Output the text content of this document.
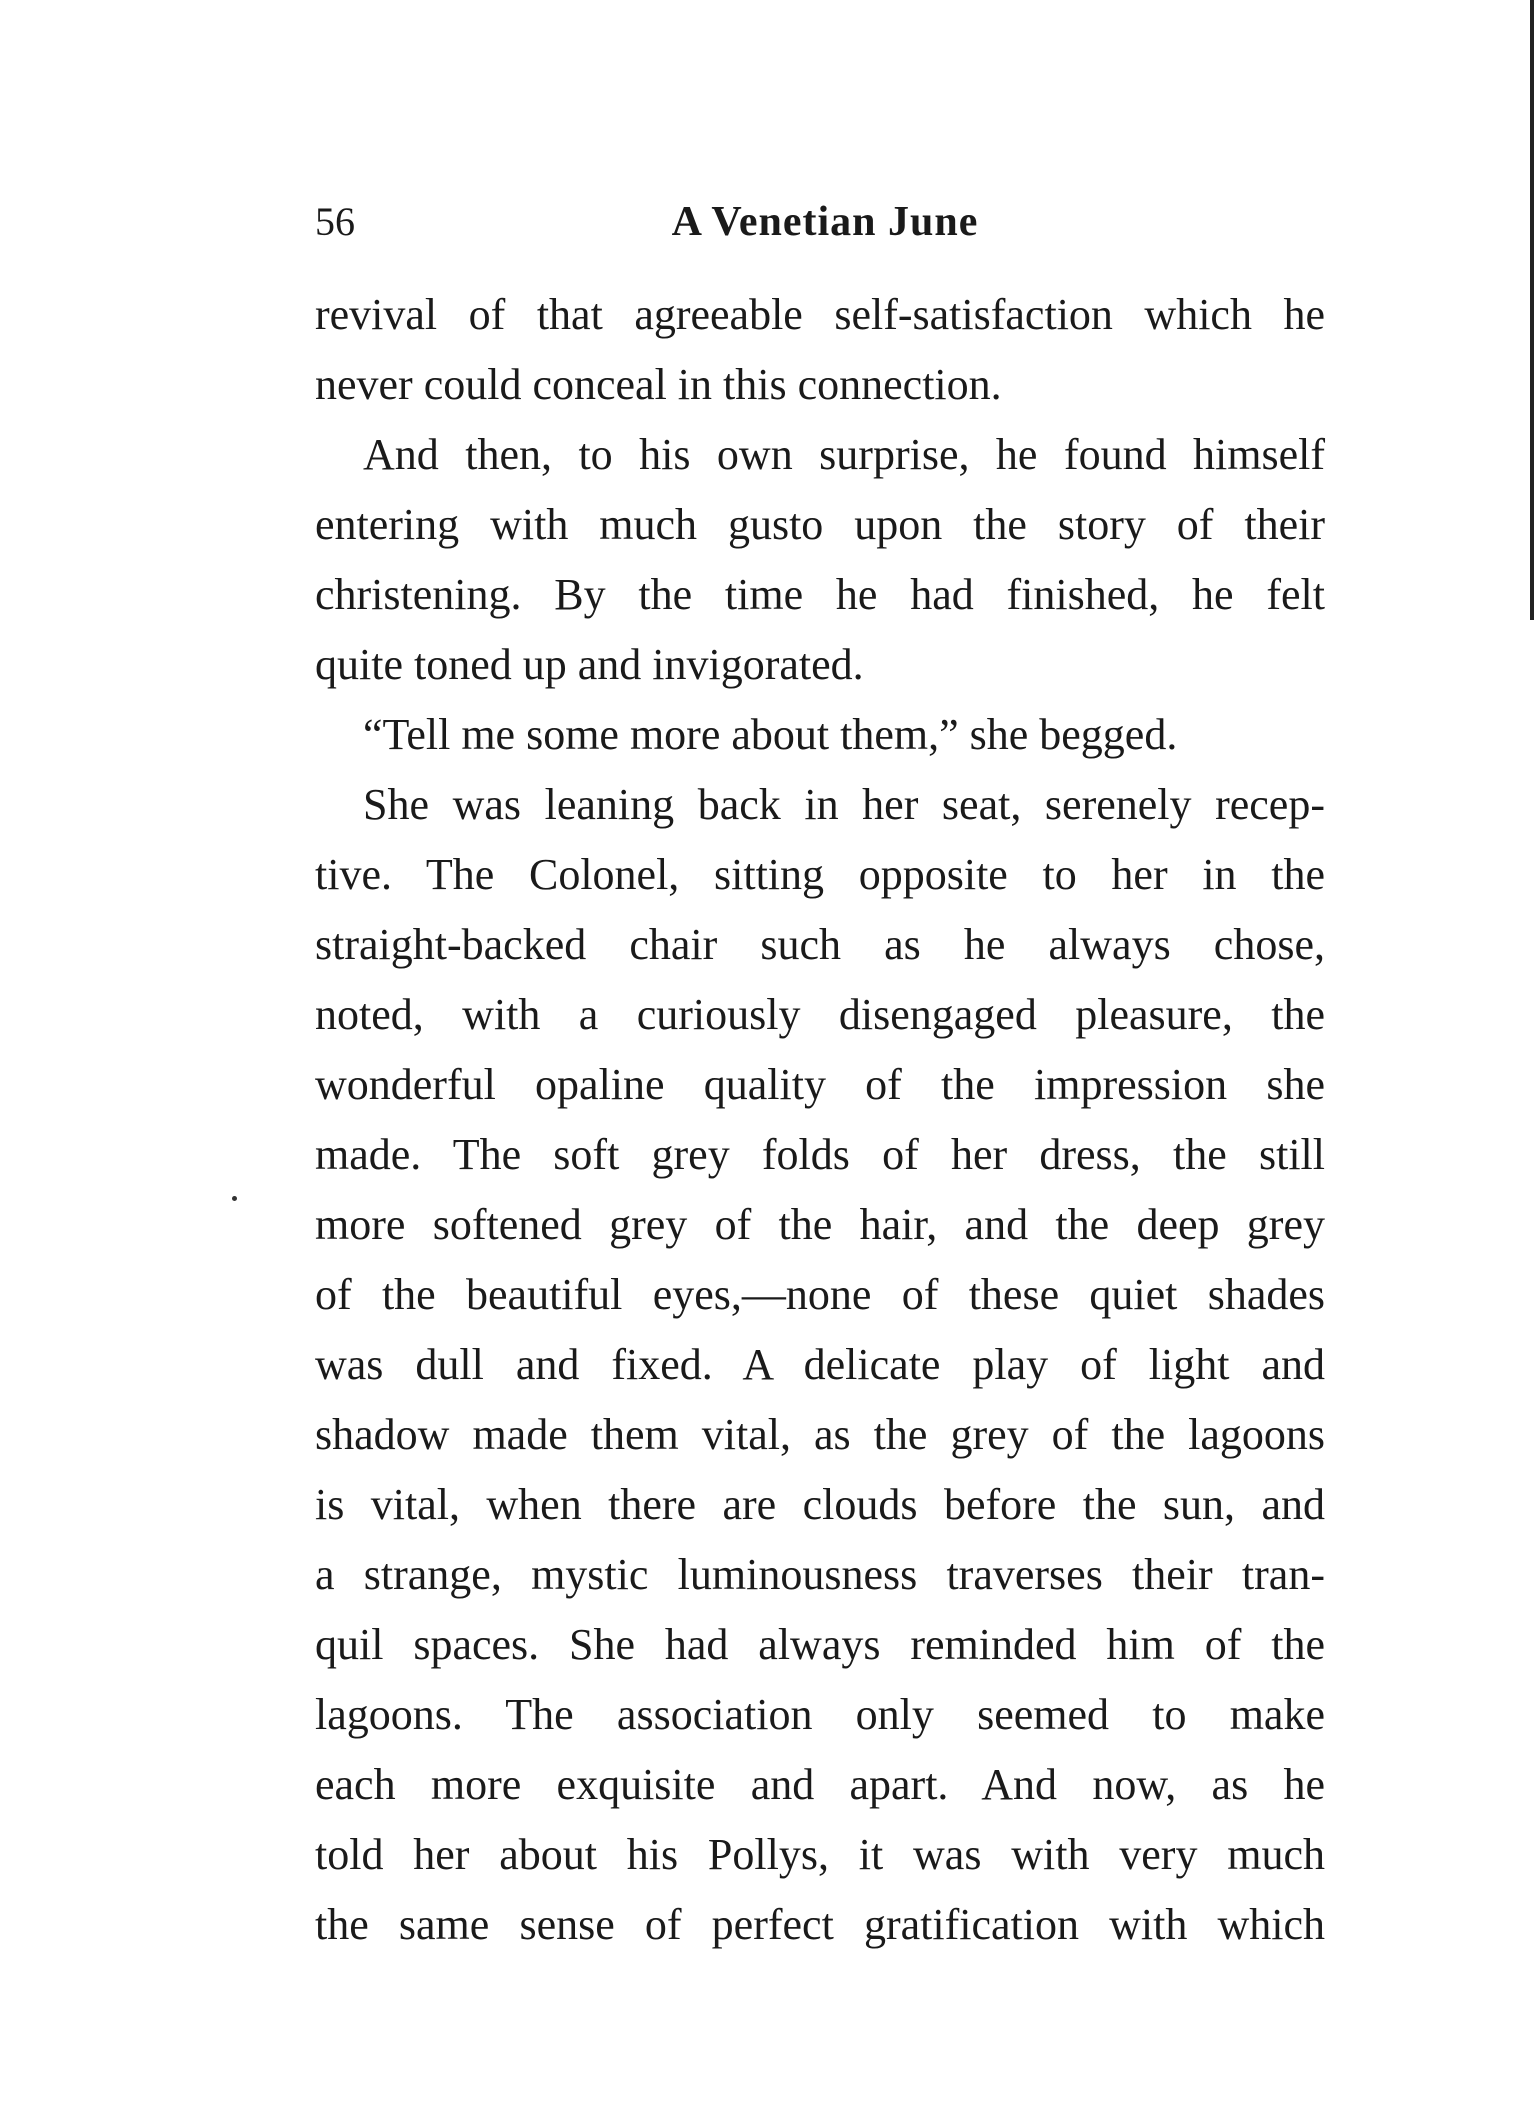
56	A Venetian June
revival of that agreeable self-satisfaction which he
never could conceal in this connection.
And then, to his own surprise, he found himself
entering with much gusto upon the story of their
christening. By the time he had finished, he felt
quite toned up and invigorated.
“Tell me some more about them,” she begged.
She was leaning back in her seat, serenely recep-
tive. The Colonel, sitting opposite to her in the
straight-backed chair such as he always chose,
noted, with a curiously disengaged pleasure, the
wonderful opaline quality of the impression she
made. The soft grey folds of her dress, the still
more softened grey of the hair, and the deep grey
of the beautiful eyes,—none of these quiet shades
was dull and fixed. A delicate play of light and
shadow made them vital, as the grey of the lagoons
is vital, when there are clouds before the sun, and
a strange, mystic luminousness traverses their tran-
quil spaces. She had always reminded him of the
lagoons. The association only seemed to make
each more exquisite and apart. And now, as he
told her about his Pollys, it was with very much
the same sense of perfect gratification with which
